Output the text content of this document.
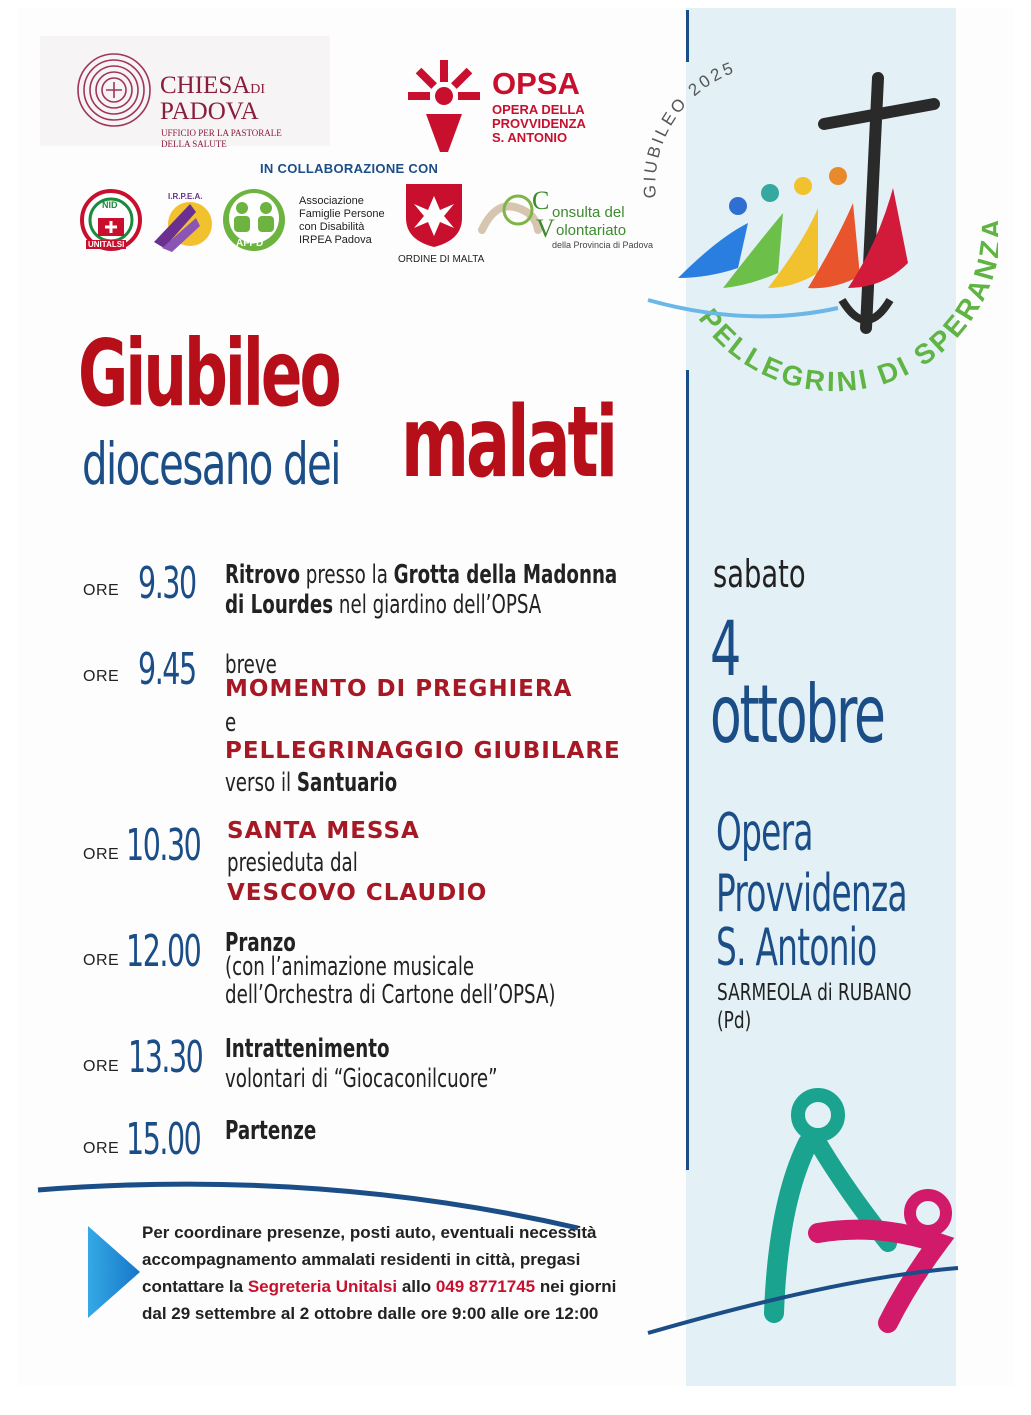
CHIESADI
PADOVA
UFFICIO PER LA PASTORALE
DELLA SALUTE
OPSA
OPERA DELLA
PROVVIDENZA
S. ANTONIO
IN COLLABORAZIONE CON
NID
UNITALSI
I.R.P.E.A.
AFPD
Associazione
Famiglie Persone
con Disabilità
IRPEA Padova
ORDINE DI MALTA
C onsulta del
V olontariato
della Provincia di Padova
GIUBILEO 2025
PELLEGRINI DI SPERA
Giubileo
diocesano dei malati
ORE 9.30 Ritrovo presso la Grotta della Madonna
di Lourdes nel giardino dell’OPSA
ORE 9.45 breve
MOMENTO DI PREGHIERA
e
PELLEGRINAGGIO GIUBILARE
verso il Santuario
ORE 10.30 SANTA MESSA
presieduta dal
VESCOVO CLAUDIO
ORE 12.00 Pranzo
(con l’animazione musicale
dell’Orchestra di Cartone dell’OPSA)
ORE 13.30 Intrattenimento
volontari di “Giocaconilcuore”
ORE 15.00 Partenze
sabato
4
ottobre
Opera
Provvidenza
S. Antonio
SARMEOLA di RUBANO
(Pd)
Per coordinare presenze, posti auto, eventuali necessità
accompagnamento ammalati residenti in città, pregasi
contattare la Segreteria Unitalsi allo 049 8771745 nei giorni
dal 29 settembre al 2 ottobre dalle ore 9:00 alle ore 12:00
